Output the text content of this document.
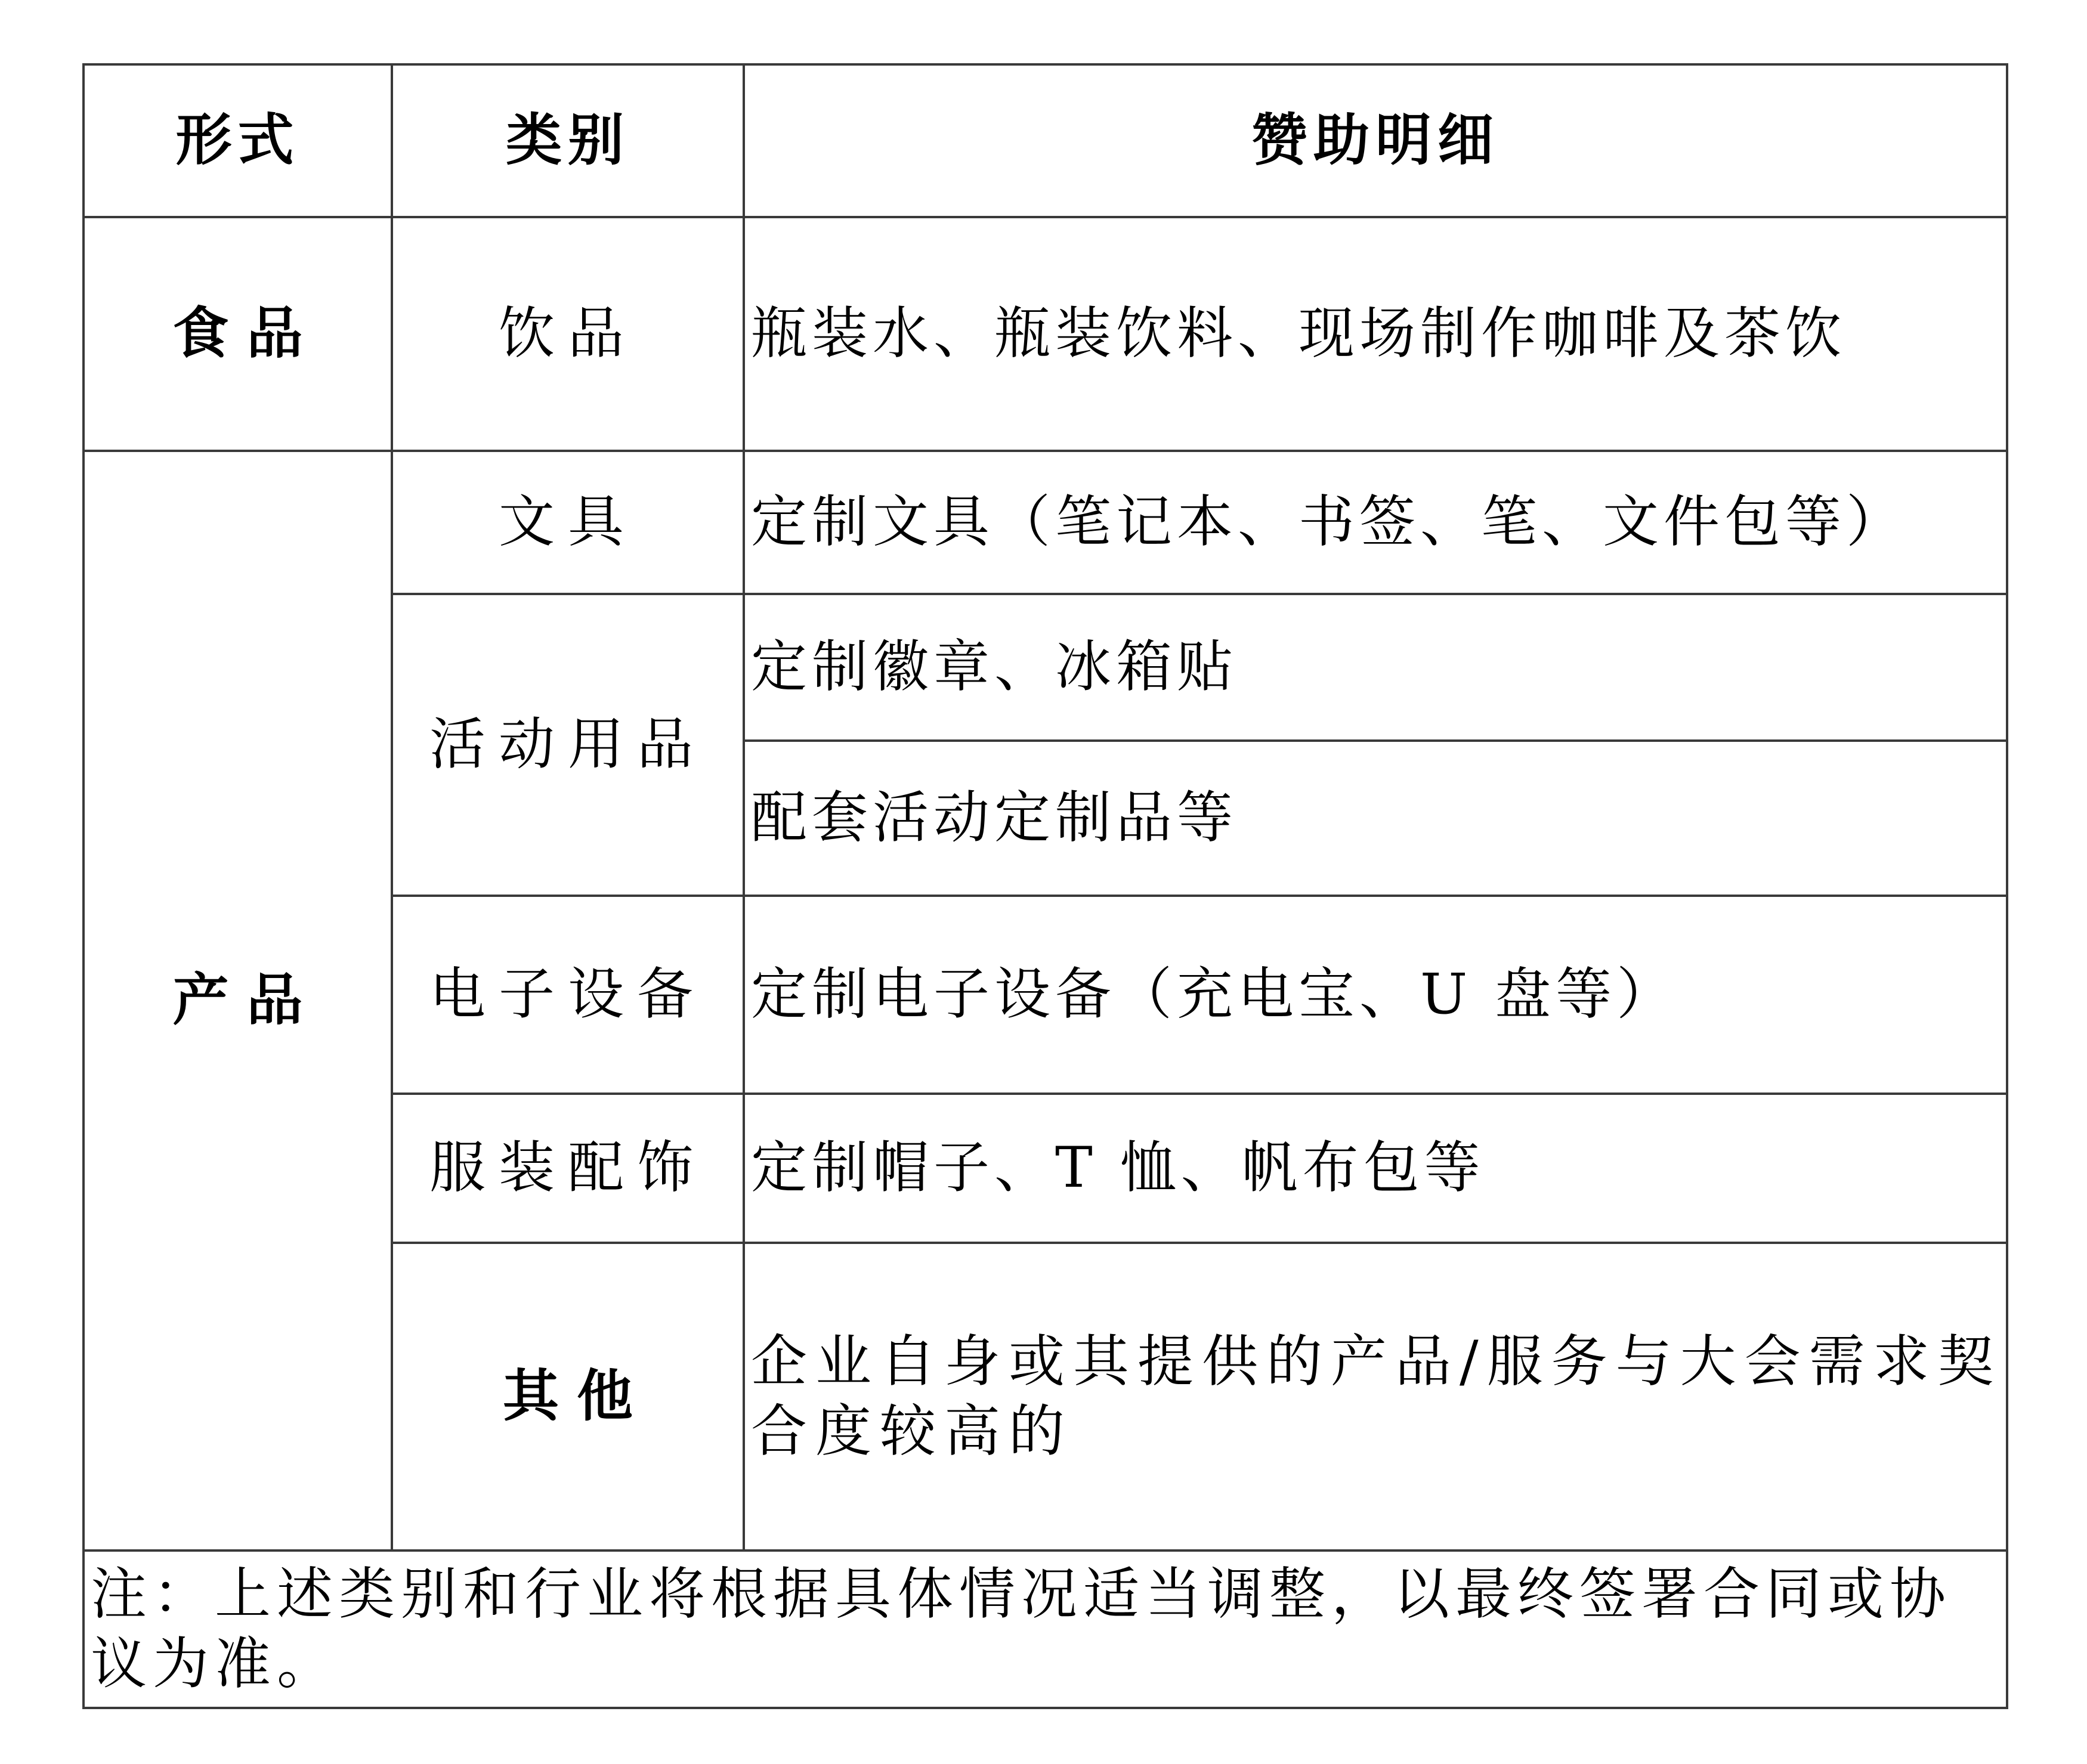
形式	类别	赞助明细
食品	饮品	瓶装水、瓶装饮料、现场制作咖啡及茶饮
产品	文具	定制文具（笔记本、书签、笔、文件包等）
	活动用品	定制徽章、冰箱贴
		配套活动定制品等
	电子设备	定制电子设备（充电宝、U 盘等）
	服装配饰	定制帽子、T 恤、帆布包等
	其他	企业自身或其提供的产品/服务与大会需求契合度较高的
注：上述类别和行业将根据具体情况适当调整，以最终签署合同或协议为准。		
